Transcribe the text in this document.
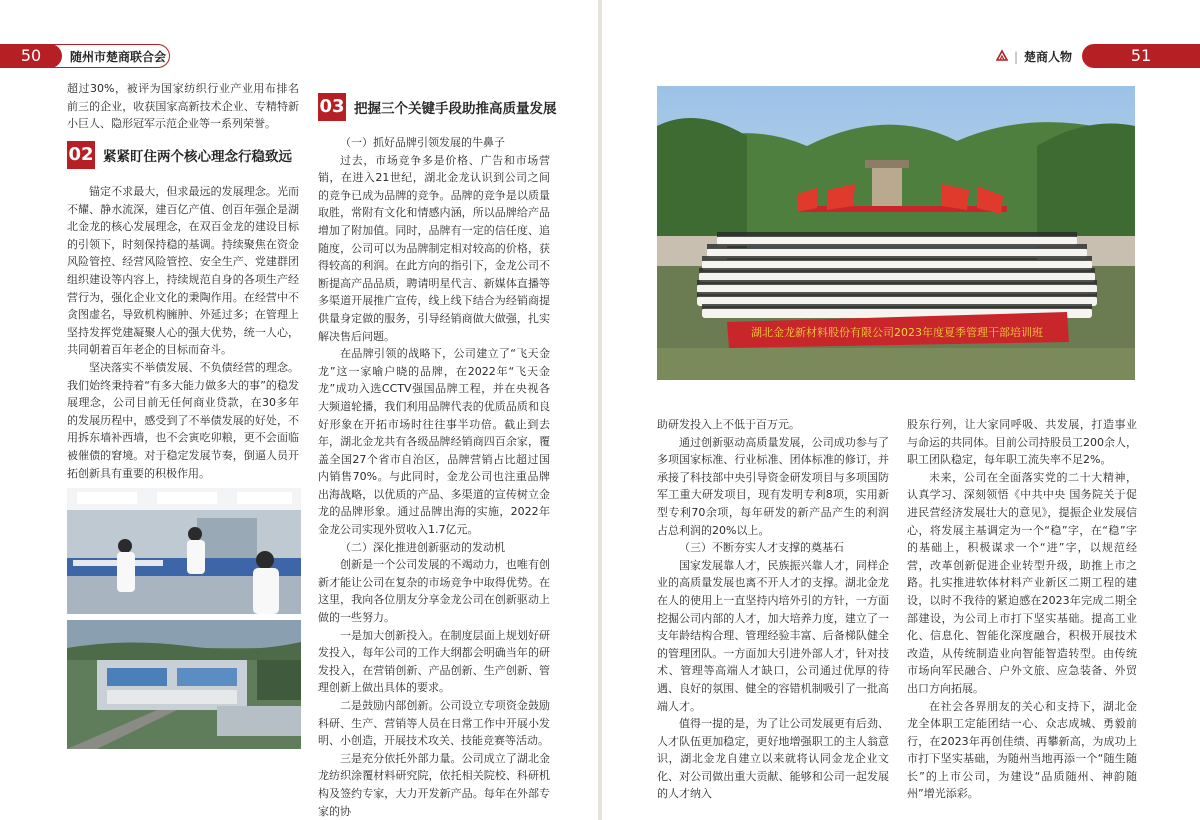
50	随州市楚商联合会

超过30%，被评为国家纺织行业产业用布排名前三的企业，收获国家高新技术企业、专精特新小巨人、隐形冠军示范企业等一系列荣誉。

02 紧紧盯住两个核心理念行稳致远

锚定不求最大，但求最远的发展理念。光而不耀、静水流深，建百亿产值、创百年强企是湖北金龙的核心发展理念，在双百金龙的建设目标的引领下，时刻保持稳的基调。持续聚焦在资金风险管控、经营风险管控、安全生产、党建群团组织建设等内容上，持续规范自身的各项生产经营行为，强化企业文化的秉陶作用。在经营中不贪图虚名，导致机构臃肿、外延过多；在管理上坚持发挥党建凝聚人心的强大优势，统一人心，共同朝着百年老企的目标而奋斗。

坚决落实不举债发展、不负债经营的理念。我们始终秉持着“有多大能力做多大的事”的稳发展理念，公司目前无任何商业贷款，在30多年的发展历程中，感受到了不举债发展的好处，不用拆东墙补西墙，也不会寅吃卯粮，更不会面临被催债的窘境。对于稳定发展节奏，倒逼人员开拓创新具有重要的积极作用。

03 把握三个关键手段助推高质量发展

（一）抓好品牌引领发展的牛鼻子

过去，市场竞争多是价格、广告和市场营销，在进入21世纪，湖北金龙认识到公司之间的竞争已成为品牌的竞争。品牌的竞争是以质量取胜，常附有文化和情感内涵，所以品牌给产品增加了附加值。同时，品牌有一定的信任度、追随度，公司可以为品牌制定相对较高的价格，获得较高的利润。在此方向的指引下，金龙公司不断提高产品品质，聘请明星代言、新媒体直播等多渠道开展推广宣传，线上线下结合为经销商提供量身定做的服务，引导经销商做大做强，扎实解决售后问题。

在品牌引领的战略下，公司建立了“飞天金龙”这一家喻户晓的品牌，在2022年“飞天金龙”成功入选CCTV强国品牌工程，并在央视各大频道轮播，我们利用品牌代表的优质品质和良好形象在开拓市场时往往事半功倍。截止到去年，湖北金龙共有各级品牌经销商四百余家，覆盖全国27个省市自治区，品牌营销占比超过国内销售70%。与此同时，金龙公司也注重品牌出海战略，以优质的产品、多渠道的宣传树立金龙的品牌形象。通过品牌出海的实施，2022年金龙公司实现外贸收入1.7亿元。

（二）深化推进创新驱动的发动机

创新是一个公司发展的不竭动力，也唯有创新才能让公司在复杂的市场竞争中取得优势。在这里，我向各位朋友分享金龙公司在创新驱动上做的一些努力。

一是加大创新投入。在制度层面上规划好研发投入，每年公司的工作大纲都会明确当年的研发投入，在营销创新、产品创新、生产创新、管理创新上做出具体的要求。

二是鼓励内部创新。公司设立专项资金鼓励科研、生产、营销等人员在日常工作中开展小发明、小创造，开展技术攻关、技能竞赛等活动。

三是充分依托外部力量。公司成立了湖北金龙纺织涂覆材料研究院，依托相关院校、科研机构及签约专家，大力开发新产品。每年在外部专家的协

| 楚商人物	51
湖北金龙新材料股份有限公司2023年度夏季管理干部培训班

助研发投入上不低于百万元。

通过创新驱动高质量发展，公司成功参与了多项国家标准、行业标准、团体标准的修订，并承接了科技部中央引导资金研发项目与多项国防军工重大研发项目，现有发明专利8项，实用新型专利70余项，每年研发的新产品产生的利润占总利润的20%以上。

（三）不断夯实人才支撑的奠基石

国家发展靠人才，民族振兴靠人才，同样企业的高质量发展也离不开人才的支撑。湖北金龙在人的使用上一直坚持内培外引的方针，一方面挖掘公司内部的人才，加大培养力度，建立了一支年龄结构合理、管理经验丰富、后备梯队健全的管理团队。一方面加大引进外部人才，针对技术、管理等高端人才缺口，公司通过优厚的待遇、良好的氛围、健全的容错机制吸引了一批高端人才。

值得一提的是，为了让公司发展更有后劲、人才队伍更加稳定，更好地增强职工的主人翁意识，湖北金龙自建立以来就将认同金龙企业文化、对公司做出重大贡献、能够和公司一起发展的人才纳入

股东行列，让大家同呼吸、共发展，打造事业与命运的共同体。目前公司持股员工200余人，职工团队稳定，每年职工流失率不足2%。

未来，公司在全面落实党的二十大精神，认真学习、深刻领悟《中共中央 国务院关于促进民营经济发展壮大的意见》，提振企业发展信心，将发展主基调定为一个“稳”字，在“稳”字的基础上，积极谋求一个“进”字，以规范经营，改革创新促进企业转型升级，助推上市之路。扎实推进软体材料产业新区二期工程的建设，以时不我待的紧迫感在2023年完成二期全部建设，为公司上市打下坚实基础。提高工业化、信息化、智能化深度融合，积极开展技术改造，从传统制造业向智能智造转型。由传统市场向军民融合、户外文旅、应急装备、外贸出口方向拓展。

在社会各界朋友的关心和支持下，湖北金龙全体职工定能团结一心、众志成城、勇毅前行，在2023年再创佳绩、再攀新高，为成功上市打下坚实基础，为随州当地再添一个“随生随长”的上市公司，为建设“品质随州、神韵随州”增光添彩。
